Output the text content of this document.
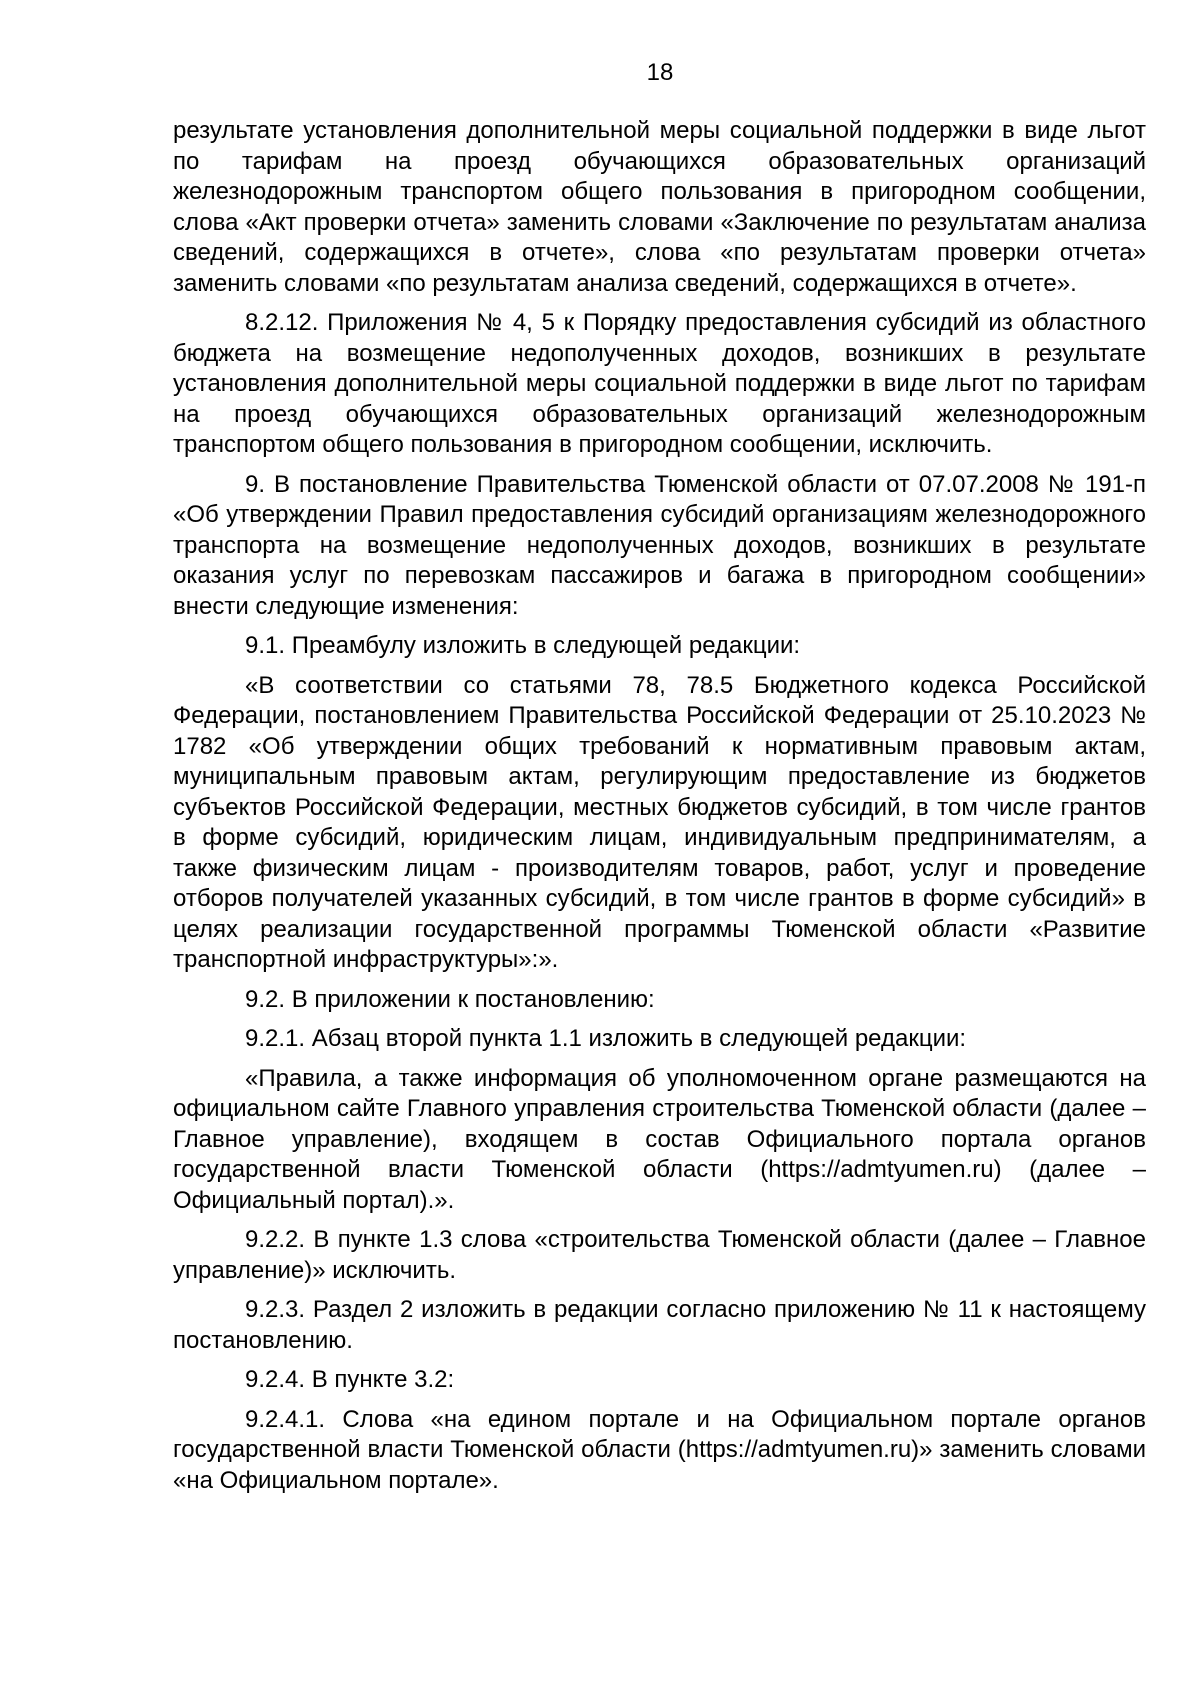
18

результате установления дополнительной меры социальной поддержки в виде льгот по тарифам на проезд обучающихся образовательных организаций железнодорожным транспортом общего пользования в пригородном сообщении, слова «Акт проверки отчета» заменить словами «Заключение по результатам анализа сведений, содержащихся в отчете», слова «по результатам проверки отчета» заменить словами «по результатам анализа сведений, содержащихся в отчете».

8.2.12. Приложения № 4, 5 к Порядку предоставления субсидий из областного бюджета на возмещение недополученных доходов, возникших в результате установления дополнительной меры социальной поддержки в виде льгот по тарифам на проезд обучающихся образовательных организаций железнодорожным транспортом общего пользования в пригородном сообщении, исключить.

9. В постановление Правительства Тюменской области от 07.07.2008 № 191-п «Об утверждении Правил предоставления субсидий организациям железнодорожного транспорта на возмещение недополученных доходов, возникших в результате оказания услуг по перевозкам пассажиров и багажа в пригородном сообщении» внести следующие изменения:

9.1. Преамбулу изложить в следующей редакции:

«В соответствии со статьями 78, 78.5 Бюджетного кодекса Российской Федерации, постановлением Правительства Российской Федерации от 25.10.2023 № 1782 «Об утверждении общих требований к нормативным правовым актам, муниципальным правовым актам, регулирующим предоставление из бюджетов субъектов Российской Федерации, местных бюджетов субсидий, в том числе грантов в форме субсидий, юридическим лицам, индивидуальным предпринимателям, а также физическим лицам - производителям товаров, работ, услуг и проведение отборов получателей указанных субсидий, в том числе грантов в форме субсидий» в целях реализации государственной программы Тюменской области «Развитие транспортной инфраструктуры»:».

9.2. В приложении к постановлению:

9.2.1. Абзац второй пункта 1.1 изложить в следующей редакции:

«Правила, а также информация об уполномоченном органе размещаются на официальном сайте Главного управления строительства Тюменской области (далее – Главное управление), входящем в состав Официального портала органов государственной власти Тюменской области (https://admtyumen.ru) (далее – Официальный портал).».

9.2.2. В пункте 1.3 слова «строительства Тюменской области (далее – Главное управление)» исключить.

9.2.3. Раздел 2 изложить в редакции согласно приложению № 11 к настоящему постановлению.

9.2.4. В пункте 3.2:

9.2.4.1. Слова «на едином портале и на Официальном портале органов государственной власти Тюменской области (https://admtyumen.ru)» заменить словами «на Официальном портале».
